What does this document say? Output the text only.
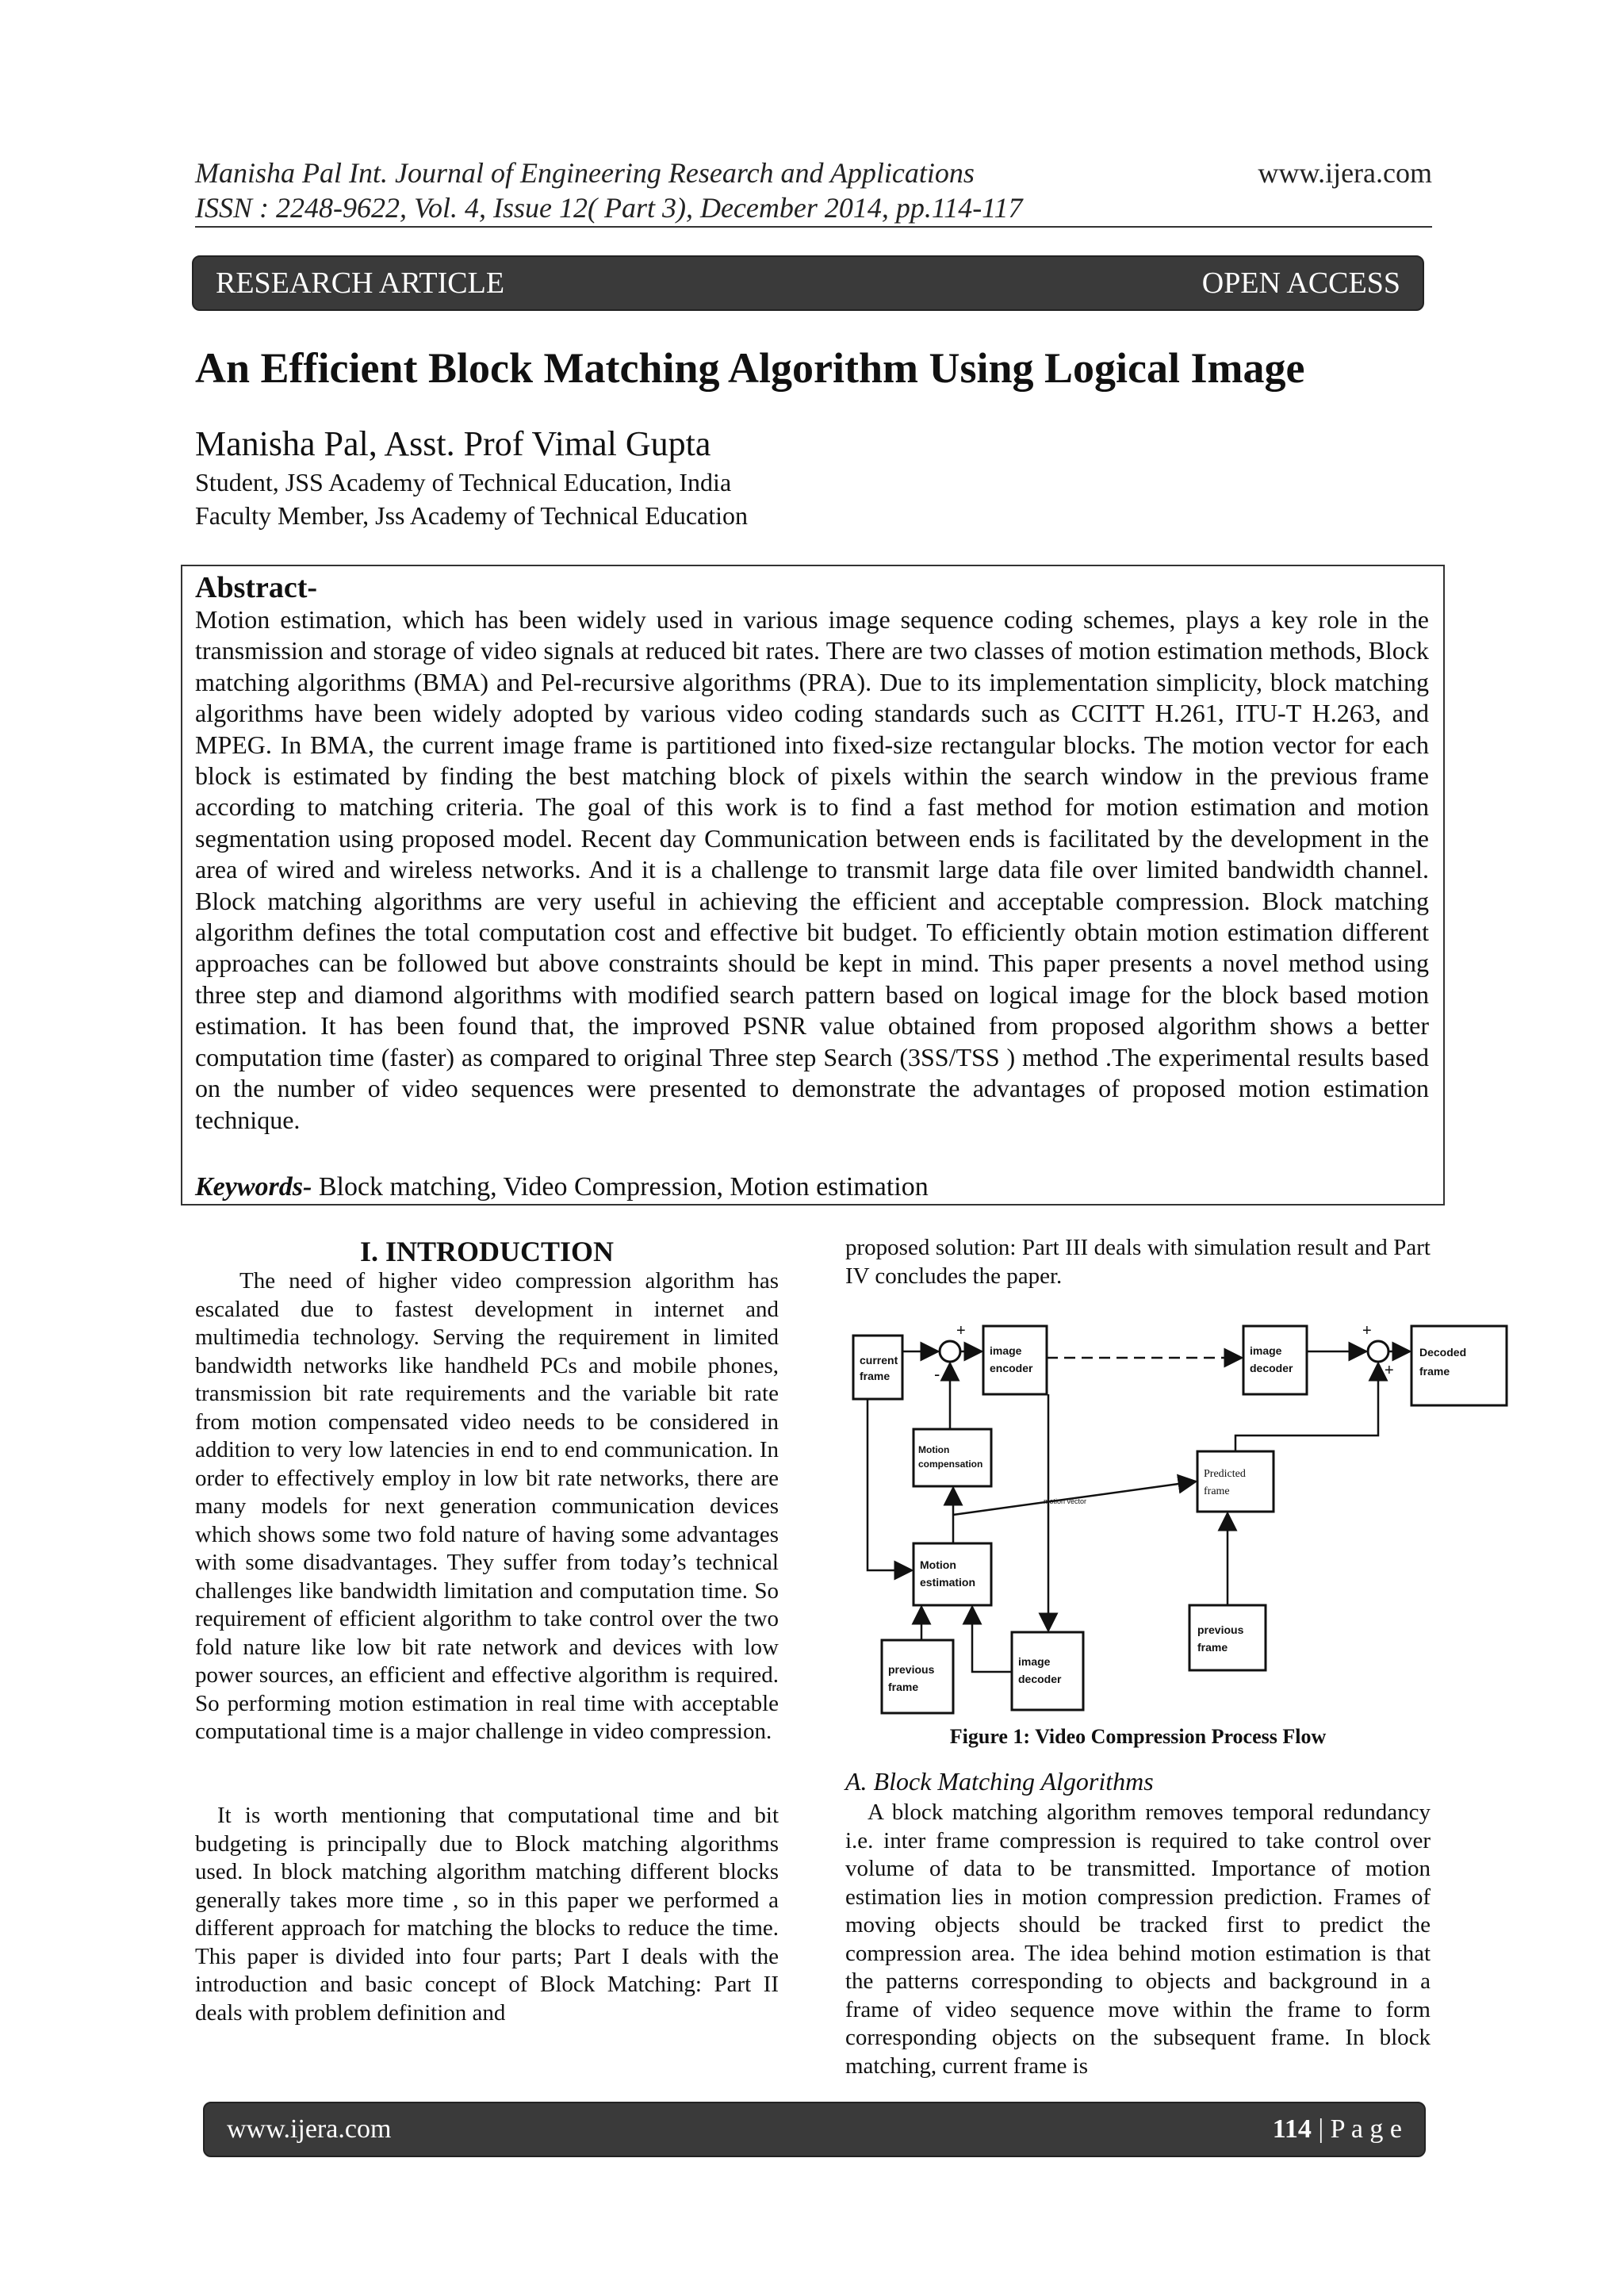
Manisha Pal Int. Journal of Engineering Research and Applications	www.ijera.com
ISSN : 2248-9622, Vol. 4, Issue 12( Part 3), December 2014, pp.114-117
RESEARCH ARTICLE	OPEN ACCESS
An Efficient Block Matching Algorithm Using Logical Image
Manisha Pal, Asst. Prof Vimal Gupta
Student, JSS Academy of Technical Education, India
Faculty Member, Jss Academy of Technical Education
Abstract-
Motion estimation, which has been widely used in various image sequence coding schemes, plays a key role in the transmission and storage of video signals at reduced bit rates. There are two classes of motion estimation methods, Block matching algorithms (BMA) and Pel-recursive algorithms (PRA). Due to its implementation simplicity, block matching algorithms have been widely adopted by various video coding standards such as CCITT H.261, ITU-T H.263, and MPEG. In BMA, the current image frame is partitioned into fixed-size rectangular blocks. The motion vector for each block is estimated by finding the best matching block of pixels within the search window in the previous frame according to matching criteria. The goal of this work is to find a fast method for motion estimation and motion segmentation using proposed model. Recent day Communication between ends is facilitated by the development in the area of wired and wireless networks. And it is a challenge to transmit large data file over limited bandwidth channel. Block matching algorithms are very useful in achieving the efficient and acceptable compression. Block matching algorithm defines the total computation cost and effective bit budget. To efficiently obtain motion estimation different approaches can be followed but above constraints should be kept in mind. This paper presents a novel method using three step and diamond algorithms with modified search pattern based on logical image for the block based motion estimation. It has been found that, the improved PSNR value obtained from proposed algorithm shows a better computation time (faster) as compared to original Three step Search (3SS/TSS ) method .The experimental results based on the number of video sequences were presented to demonstrate the advantages of proposed motion estimation technique.
Keywords- Block matching, Video Compression, Motion estimation
I. INTRODUCTION
The need of higher video compression algorithm has escalated due to fastest development in internet and multimedia technology. Serving the requirement in limited bandwidth networks like handheld PCs and mobile phones, transmission bit rate requirements and the variable bit rate from motion compensated video needs to be considered in addition to very low latencies in end to end communication. In order to effectively employ in low bit rate networks, there are many models for next generation communication devices which shows some two fold nature of having some advantages with some disadvantages. They suffer from today’s technical challenges like bandwidth limitation and computation time. So requirement of efficient algorithm to take control over the two fold nature like low bit rate network and devices with low power sources, an efficient and effective algorithm is required. So performing motion estimation in real time with acceptable computational time is a major challenge in video compression.
It is worth mentioning that computational time and bit budgeting is principally due to Block matching algorithms used. In block matching algorithm matching different blocks generally takes more time , so in this paper we performed a different approach for matching the blocks to reduce the time. This paper is divided into four parts; Part I deals with the introduction and basic concept of Block Matching: Part II deals with problem definition and
proposed solution: Part III deals with simulation result and Part IV concludes the paper.
current
frame
image
encoder
image
decoder
Decoded
frame
Motion
compensation
Predicted
frame
Motion
estimation
previous
frame
previous
frame
image
decoder
motion vector
+
-
+
+
Figure 1: Video Compression Process Flow
A. Block Matching Algorithms
A block matching algorithm removes temporal redundancy i.e. inter frame compression is required to take control over volume of data to be transmitted. Importance of motion estimation lies in motion compression prediction. Frames of moving objects should be tracked first to predict the compression area. The idea behind motion estimation is that the patterns corresponding to objects and background in a frame of video sequence move within the frame to form corresponding objects on the subsequent frame. In block matching, current frame is
www.ijera.com	114 | P a g e
